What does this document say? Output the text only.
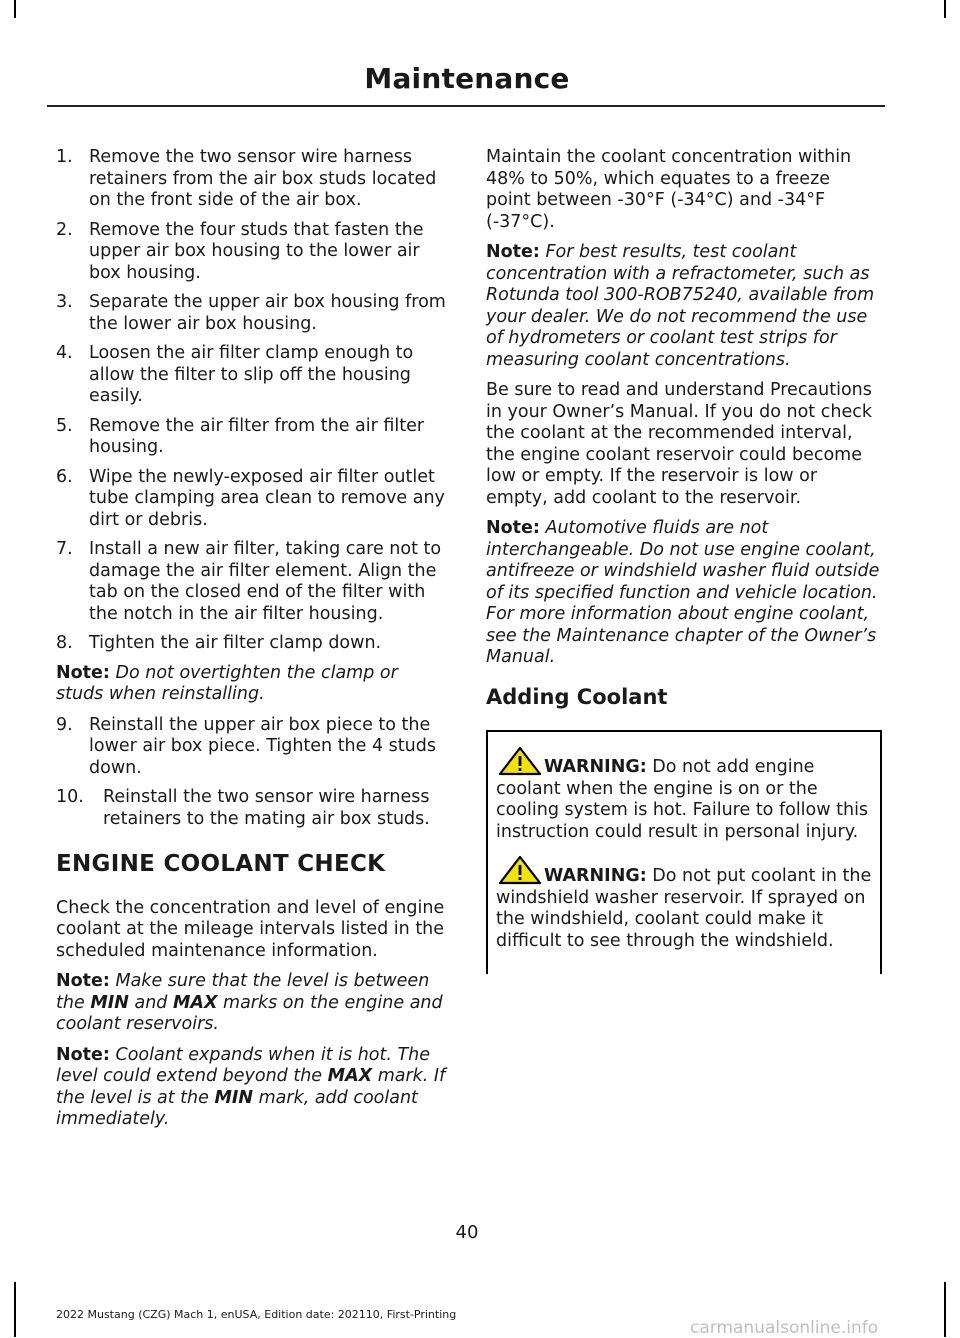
Maintenance
1. Remove the two sensor wire harness retainers from the air box studs located on the front side of the air box.
2. Remove the four studs that fasten the upper air box housing to the lower air box housing.
3. Separate the upper air box housing from the lower air box housing.
4. Loosen the air filter clamp enough to allow the filter to slip off the housing easily.
5. Remove the air filter from the air filter housing.
6. Wipe the newly-exposed air filter outlet tube clamping area clean to remove any dirt or debris.
7. Install a new air filter, taking care not to damage the air filter element. Align the tab on the closed end of the filter with the notch in the air filter housing.
8. Tighten the air filter clamp down.

Note: Do not overtighten the clamp or studs when reinstalling.

9. Reinstall the upper air box piece to the lower air box piece. Tighten the 4 studs down.
10. Reinstall the two sensor wire harness retainers to the mating air box studs.
ENGINE COOLANT CHECK

Check the concentration and level of engine coolant at the mileage intervals listed in the scheduled maintenance information.

Note: Make sure that the level is between the MIN and MAX marks on the engine and coolant reservoirs.

Note: Coolant expands when it is hot. The level could extend beyond the MAX mark. If the level is at the MIN mark, add coolant immediately.

Maintain the coolant concentration within 48% to 50%, which equates to a freeze point between -30°F (-34°C) and -34°F (-37°C).

Note: For best results, test coolant concentration with a refractometer, such as Rotunda tool 300-ROB75240, available from your dealer. We do not recommend the use of hydrometers or coolant test strips for measuring coolant concentrations.

Be sure to read and understand Precautions in your Owner’s Manual. If you do not check the coolant at the recommended interval, the engine coolant reservoir could become low or empty. If the reservoir is low or empty, add coolant to the reservoir.

Note: Automotive fluids are not interchangeable. Do not use engine coolant, antifreeze or windshield washer fluid outside of its specified function and vehicle location. For more information about engine coolant, see the Maintenance chapter of the Owner’s Manual.

Adding Coolant

WARNING: Do not add engine coolant when the engine is on or the cooling system is hot. Failure to follow this instruction could result in personal injury.

WARNING: Do not put coolant in the windshield washer reservoir. If sprayed on the windshield, coolant could make it difficult to see through the windshield.

40
2022 Mustang (CZG) Mach 1, enUSA, Edition date: 202110, First-Printing
carmanualsonline.info
